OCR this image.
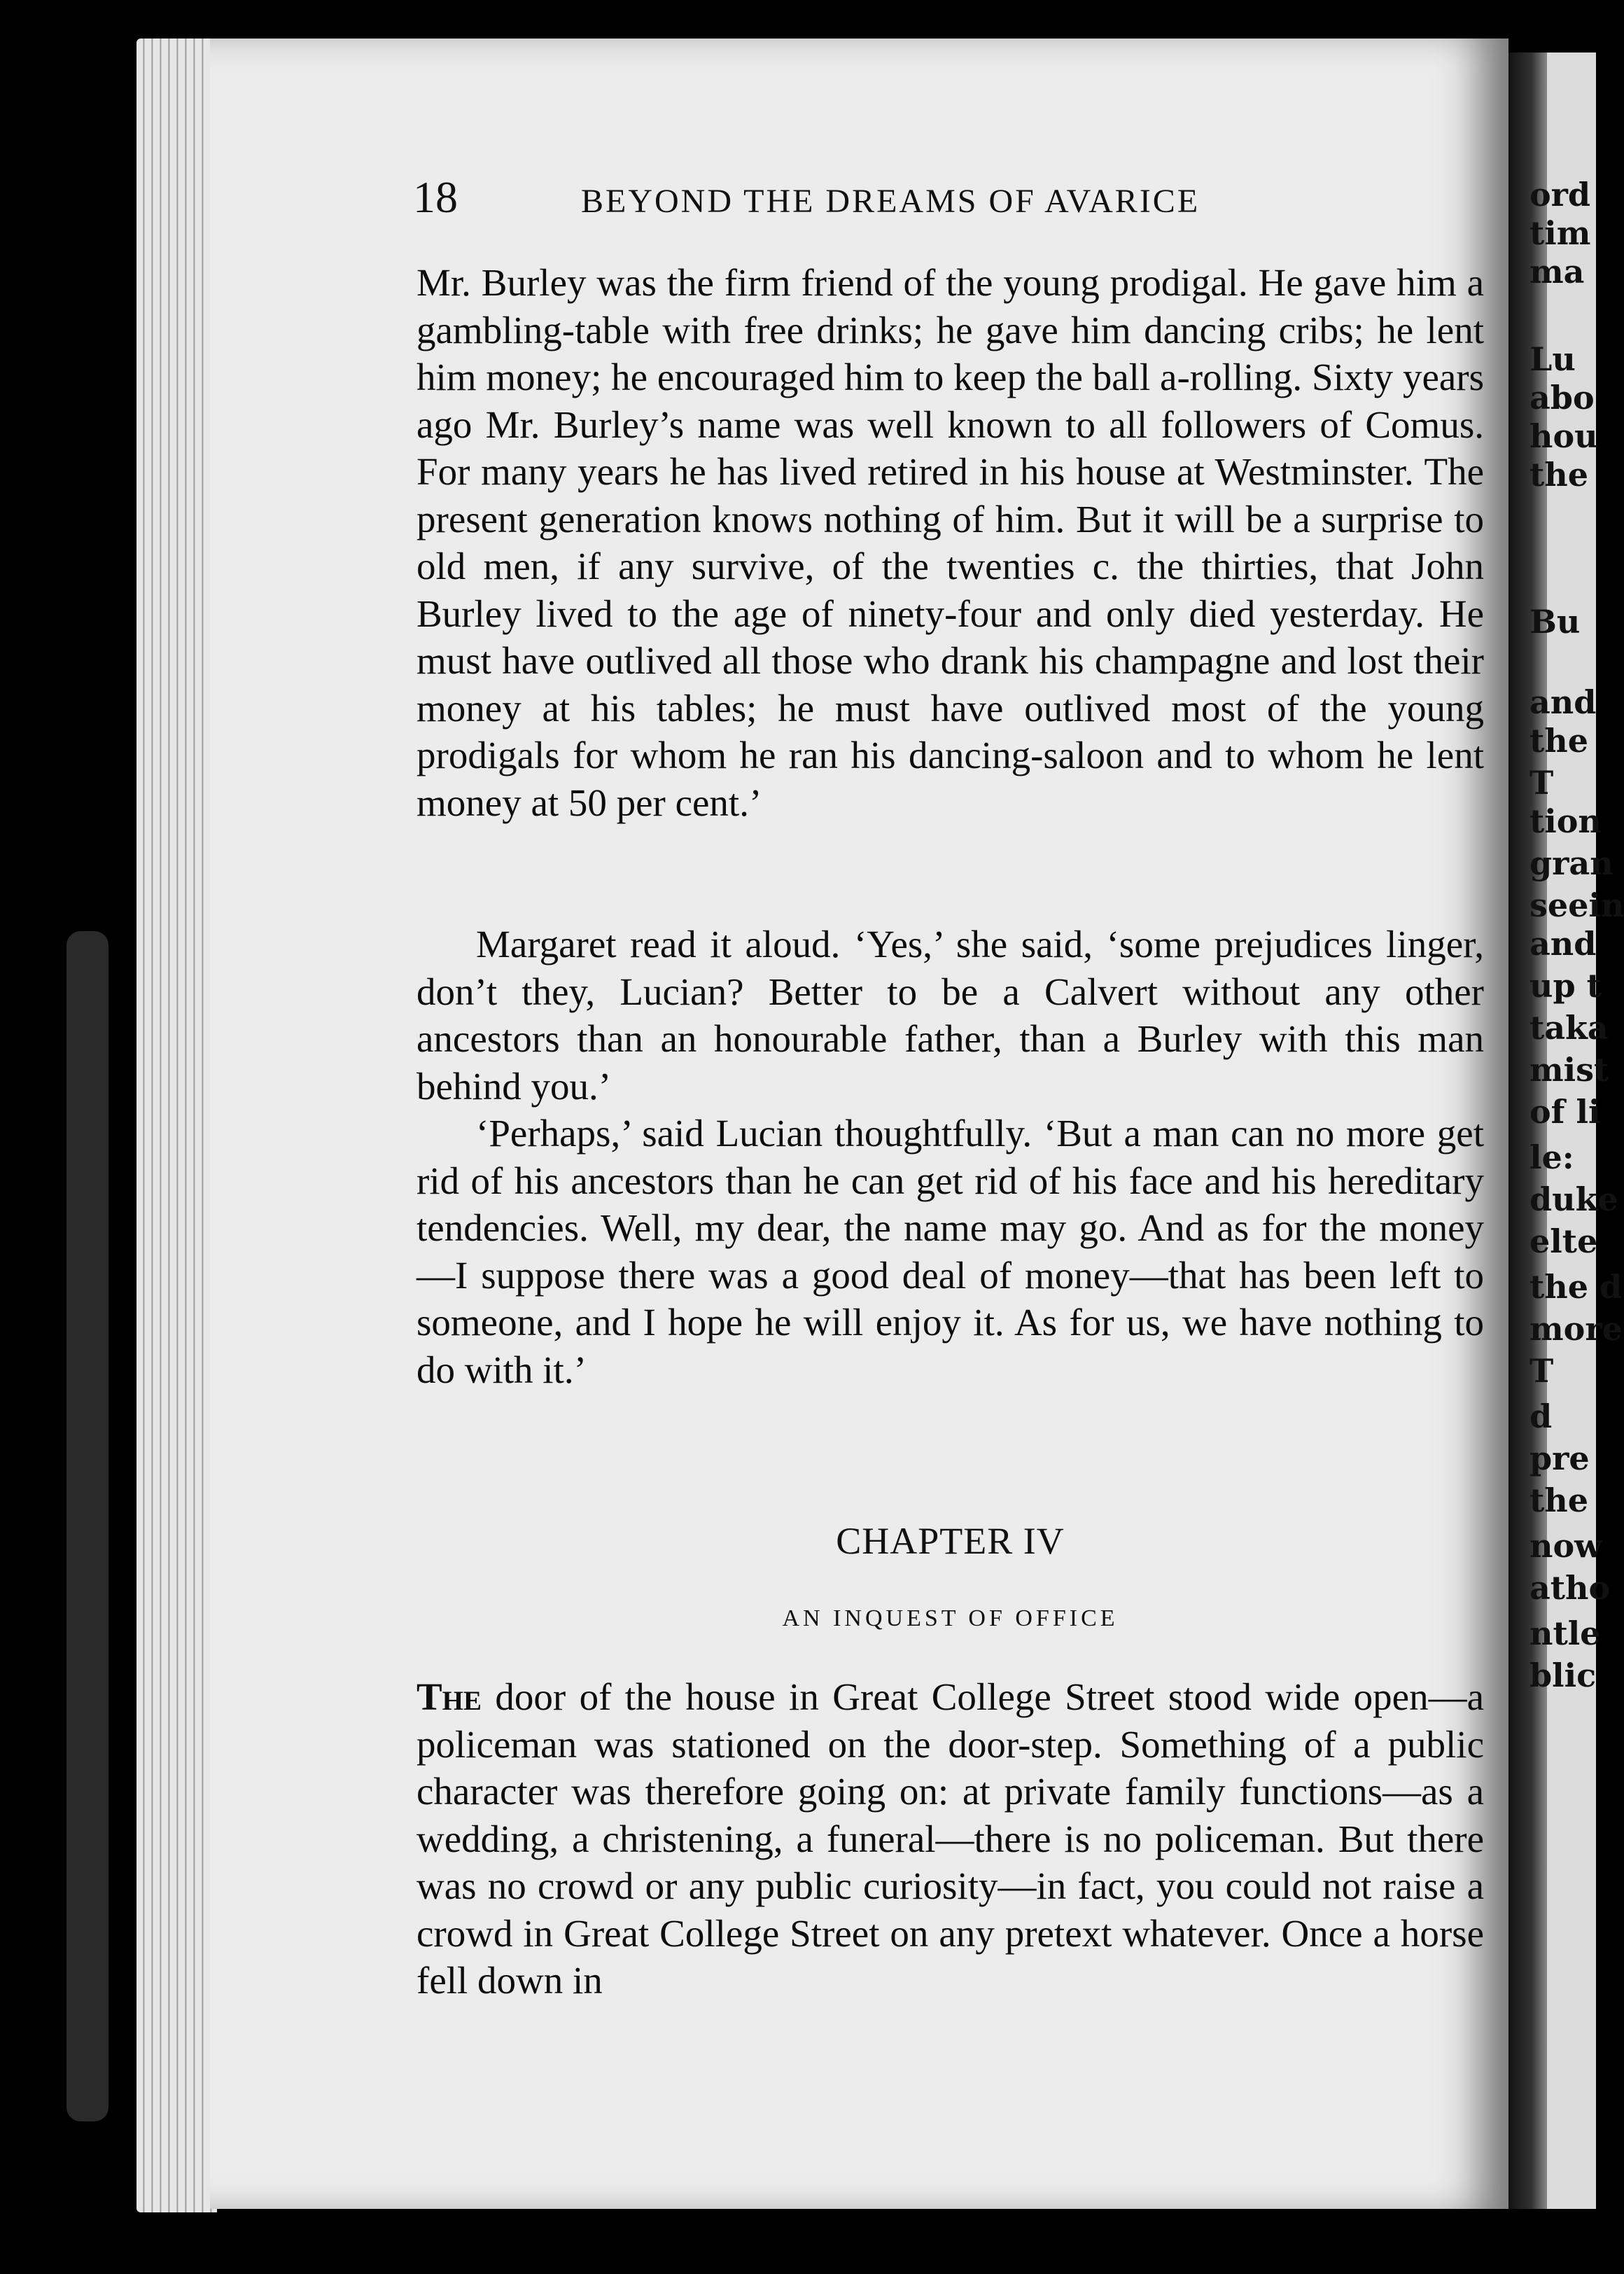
ord
tim
ma
Lu
abo
hou
the
Bu
and
the
T
tion
gran
seein
and
up t
taka
mist
of li
le:
duke
elte
the d
more
T
d
pre
the
now
atho
ntle
blic
18	BEYOND THE DREAMS OF AVARICE

Mr. Burley was the firm friend of the young prodigal. He gave him a gambling-table with free drinks; he gave him dancing cribs; he lent him money; he encouraged him to keep the ball a-rolling. Sixty years ago Mr. Burley’s name was well known to all followers of Comus. For many years he has lived retired in his house at Westminster. The present generation knows nothing of him. But it will be a surprise to old men, if any survive, of the twenties c. the thirties, that John Burley lived to the age of ninety-four and only died yesterday. He must have outlived all those who drank his champagne and lost their money at his tables; he must have outlived most of the young prodigals for whom he ran his dancing-saloon and to whom he lent money at 50 per cent.’

Margaret read it aloud. ‘Yes,’ she said, ‘some prejudices linger, don’t they, Lucian? Better to be a Calvert without any other ancestors than an honourable father, than a Burley with this man behind you.’

‘Perhaps,’ said Lucian thoughtfully. ‘But a man can no more get rid of his ancestors than he can get rid of his face and his hereditary tendencies. Well, my dear, the name may go. And as for the money—I suppose there was a good deal of money—that has been left to someone, and I hope he will enjoy it. As for us, we have nothing to do with it.’

CHAPTER IV
AN INQUEST OF OFFICE

The door of the house in Great College Street stood wide open—a policeman was stationed on the door-step. Something of a public character was therefore going on: at private family functions—as a wedding, a christening, a funeral—there is no policeman. But there was no crowd or any public curiosity—in fact, you could not raise a crowd in Great College Street on any pretext whatever. Once a horse fell down in
